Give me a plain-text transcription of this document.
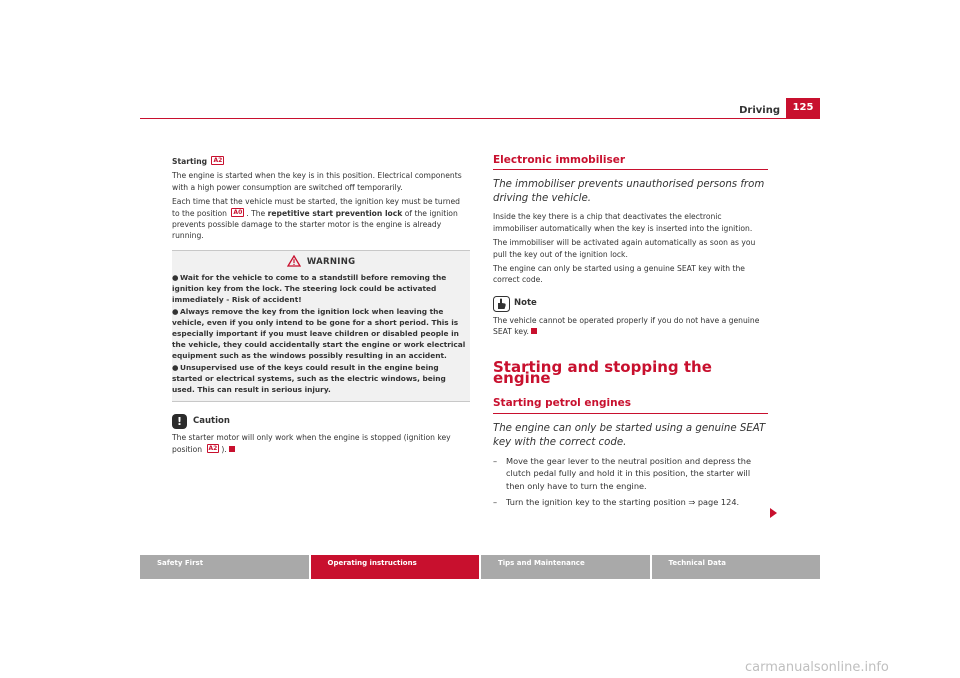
Driving	125
Starting A2
The engine is started when the key is in this position. Electrical components with a high power consumption are switched off temporarily.
Each time that the vehicle must be started, the ignition key must be turned to the position A0 . The repetitive start prevention lock of the ignition prevents possible damage to the starter motor is the engine is already running.
WARNING
● Wait for the vehicle to come to a standstill before removing the ignition key from the lock. The steering lock could be activated immediately - Risk of accident!
● Always remove the key from the ignition lock when leaving the vehicle, even if you only intend to be gone for a short period. This is especially important if you must leave children or disabled people in the vehicle, they could accidentally start the engine or work electrical equipment such as the windows possibly resulting in an accident.
● Unsupervised use of the keys could result in the engine being started or electrical systems, such as the electric windows, being used. This can result in serious injury.
!	Caution
The starter motor will only work when the engine is stopped (ignition key position A2 ).
Electronic immobiliser
The immobiliser prevents unauthorised persons from driving the vehicle.
Inside the key there is a chip that deactivates the electronic immobiliser automatically when the key is inserted into the ignition.
The immobiliser will be activated again automatically as soon as you pull the key out of the ignition lock.
The engine can only be started using a genuine SEAT key with the correct code.
Note
The vehicle cannot be operated properly if you do not have a genuine SEAT key.
Starting and stopping the engine
Starting petrol engines
The engine can only be started using a genuine SEAT key with the correct code.
–	Move the gear lever to the neutral position and depress the clutch pedal fully and hold it in this position, the starter will then only have to turn the engine.
–	Turn the ignition key to the starting position ⇒ page 124.
Safety First	Operating instructions	Tips and Maintenance	Technical Data
carmanualsonline.info
